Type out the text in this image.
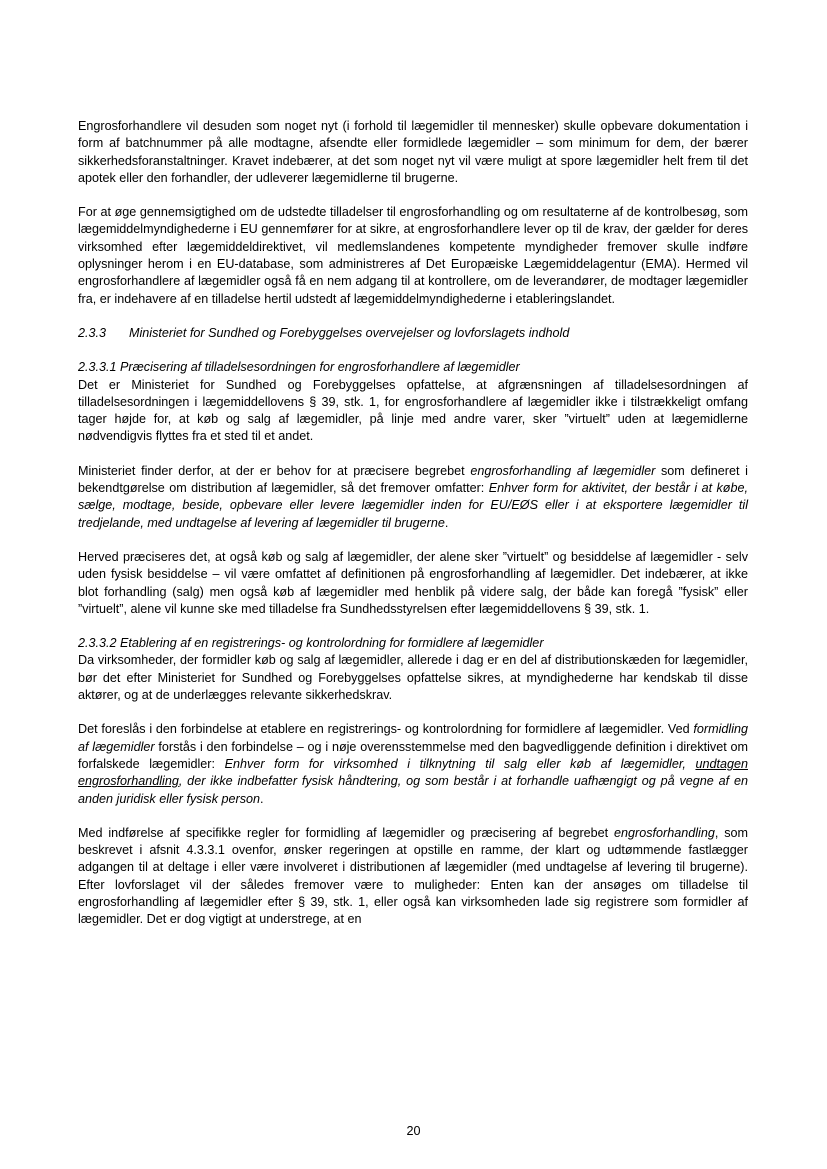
Engrosforhandlere vil desuden som noget nyt (i forhold til lægemidler til mennesker) skulle opbevare dokumentation i form af batchnummer på alle modtagne, afsendte eller formidlede lægemidler – som minimum for dem, der bærer sikkerhedsforanstaltninger. Kravet indebærer, at det som noget nyt vil være muligt at spore lægemidler helt frem til det apotek eller den forhandler, der udleverer lægemidlerne til brugerne.

For at øge gennemsigtighed om de udstedte tilladelser til engrosforhandling og om resultaterne af de kontrolbesøg, som lægemiddelmyndighederne i EU gennemfører for at sikre, at engrosforhandlere lever op til de krav, der gælder for deres virksomhed efter lægemiddeldirektivet, vil medlemslandenes kompetente myndigheder fremover skulle indføre oplysninger herom i en EU-database, som administreres af Det Europæiske Lægemiddelagentur (EMA). Hermed vil engrosforhandlere af lægemidler også få en nem adgang til at kontrollere, om de leverandører, de modtager lægemidler fra, er indehavere af en tilladelse hertil udstedt af lægemiddelmyndighederne i etableringslandet.

2.3.3 Ministeriet for Sundhed og Forebyggelses overvejelser og lovforslagets indhold

2.3.3.1 Præcisering af tilladelsesordningen for engrosforhandlere af lægemidler

Det er Ministeriet for Sundhed og Forebyggelses opfattelse, at afgrænsningen af tilladelsesordningen af tilladelsesordningen i lægemiddellovens § 39, stk. 1, for engrosforhandlere af lægemidler ikke i tilstrækkeligt omfang tager højde for, at køb og salg af lægemidler, på linje med andre varer, sker ”virtuelt” uden at lægemidlerne nødvendigvis flyttes fra et sted til et andet.

Ministeriet finder derfor, at der er behov for at præcisere begrebet engrosforhandling af lægemidler som defineret i bekendtgørelse om distribution af lægemidler, så det fremover omfatter: Enhver form for aktivitet, der består i at købe, sælge, modtage, beside, opbevare eller levere lægemidler inden for EU/EØS eller i at eksportere lægemidler til tredjelande, med undtagelse af levering af lægemidler til brugerne.

Herved præciseres det, at også køb og salg af lægemidler, der alene sker ”virtuelt” og besiddelse af lægemidler - selv uden fysisk besiddelse – vil være omfattet af definitionen på engrosforhandling af lægemidler. Det indebærer, at ikke blot forhandling (salg) men også køb af lægemidler med henblik på videre salg, der både kan foregå ”fysisk” eller ”virtuelt”, alene vil kunne ske med tilladelse fra Sundhedsstyrelsen efter lægemiddellovens § 39, stk. 1.

2.3.3.2 Etablering af en registrerings- og kontrolordning for formidlere af lægemidler

Da virksomheder, der formidler køb og salg af lægemidler, allerede i dag er en del af distributionskæden for lægemidler, bør det efter Ministeriet for Sundhed og Forebyggelses opfattelse sikres, at myndighederne har kendskab til disse aktører, og at de underlægges relevante sikkerhedskrav.

Det foreslås i den forbindelse at etablere en registrerings- og kontrolordning for formidlere af lægemidler. Ved formidling af lægemidler forstås i den forbindelse – og i nøje overensstemmelse med den bagvedliggende definition i direktivet om forfalskede lægemidler: Enhver form for virksomhed i tilknytning til salg eller køb af lægemidler, undtagen engrosforhandling, der ikke indbefatter fysisk håndtering, og som består i at forhandle uafhængigt og på vegne af en anden juridisk eller fysisk person.

Med indførelse af specifikke regler for formidling af lægemidler og præcisering af begrebet engrosforhandling, som beskrevet i afsnit 4.3.3.1 ovenfor, ønsker regeringen at opstille en ramme, der klart og udtømmende fastlægger adgangen til at deltage i eller være involveret i distributionen af lægemidler (med undtagelse af levering til brugerne). Efter lovforslaget vil der således fremover være to muligheder: Enten kan der ansøges om tilladelse til engrosforhandling af lægemidler efter § 39, stk. 1, eller også kan virksomheden lade sig registrere som formidler af lægemidler. Det er dog vigtigt at understrege, at en

20
